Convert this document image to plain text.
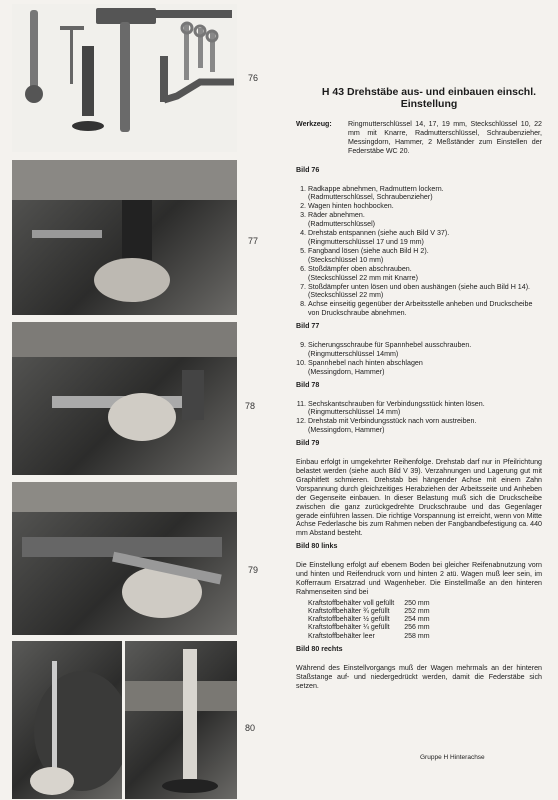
76
77
78
79
80
H 43 Drehstäbe aus- und einbauen einschl. Einstellung
Werkzeug:	Ringmutterschlüssel 14, 17, 19 mm, Steckschlüssel 10, 22 mm mit Knarre, Radmutterschlüssel, Schraubenzieher, Messingdorn, Hammer, 2 Meßständer zum Einstellen der Federstäbe WC 20.
Bild 76
1. Radkappe abnehmen, Radmuttern lockern.
(Radmutterschlüssel, Schraubenzieher)
2. Wagen hinten hochbocken.
3. Räder abnehmen.
(Radmutterschlüssel)
4. Drehstab entspannen (siehe auch Bild V 37).
(Ringmutterschlüssel 17 und 19 mm)
5. Fangband lösen (siehe auch Bild H 2).
(Steckschlüssel 10 mm)
6. Stoßdämpfer oben abschrauben.
(Steckschlüssel 22 mm mit Knarre)
7. Stoßdämpfer unten lösen und oben aushängen (siehe auch Bild H 14).
(Steckschlüssel 22 mm)
8. Achse einseitig gegenüber der Arbeitsstelle anheben und Druckscheibe von Druckschraube abnehmen.
Bild 77
9. Sicherungsschraube für Spannhebel ausschrauben.
(Ringmutterschlüssel 14mm)
10. Spannhebel nach hinten abschlagen
(Messingdorn, Hammer)
Bild 78
11. Sechskantschrauben für Verbindungsstück hinten lösen.
(Ringmutterschlüssel 14 mm)
12. Drehstab mit Verbindungsstück nach vorn austreiben.
(Messingdorn, Hammer)
Bild 79

Einbau erfolgt in umgekehrter Reihenfolge. Drehstab darf nur in Pfeilrichtung belastet werden (siehe auch Bild V 39). Verzahnungen und Lagerung gut mit Graphitfett schmieren. Drehstab bei hängender Achse mit einem Zahn Vorspannung durch gleichzeitiges Herabziehen der Arbeitsseite und Anheben der Gegenseite einbauen. In dieser Belastung muß sich die Druckscheibe zwischen die ganz zurückgedrehte Druckschraube und das Gegenlager gerade einführen lassen. Die richtige Vorspannung ist erreicht, wenn von Mitte Achse Federlasche bis zum Rahmen neben der Fangbandbefestigung ca. 440 mm Abstand besteht.

Bild 80 links

Die Einstellung erfolgt auf ebenem Boden bei gleicher Reifenabnutzung vorn und hinten und Reifendruck vorn und hinten 2 atü. Wagen muß leer sein, im Kofferraum Ersatzrad und Wagenheber. Die Einstellmaße an den hinteren Rahmenseiten sind bei

Kraftstoffbehälter voll gefüllt	250 mm
Kraftstoffbehälter ¾ gefüllt	252 mm
Kraftstoffbehälter ½ gefüllt	254 mm
Kraftstoffbehälter ¼ gefüllt	256 mm
Kraftstoffbehälter leer	258 mm
Bild 80 rechts

Während des Einstellvorgangs muß der Wagen mehrmals an der hinteren Staßstange auf- und niedergedrückt werden, damit die Federstäbe sich setzen.

Gruppe H Hinterachse
